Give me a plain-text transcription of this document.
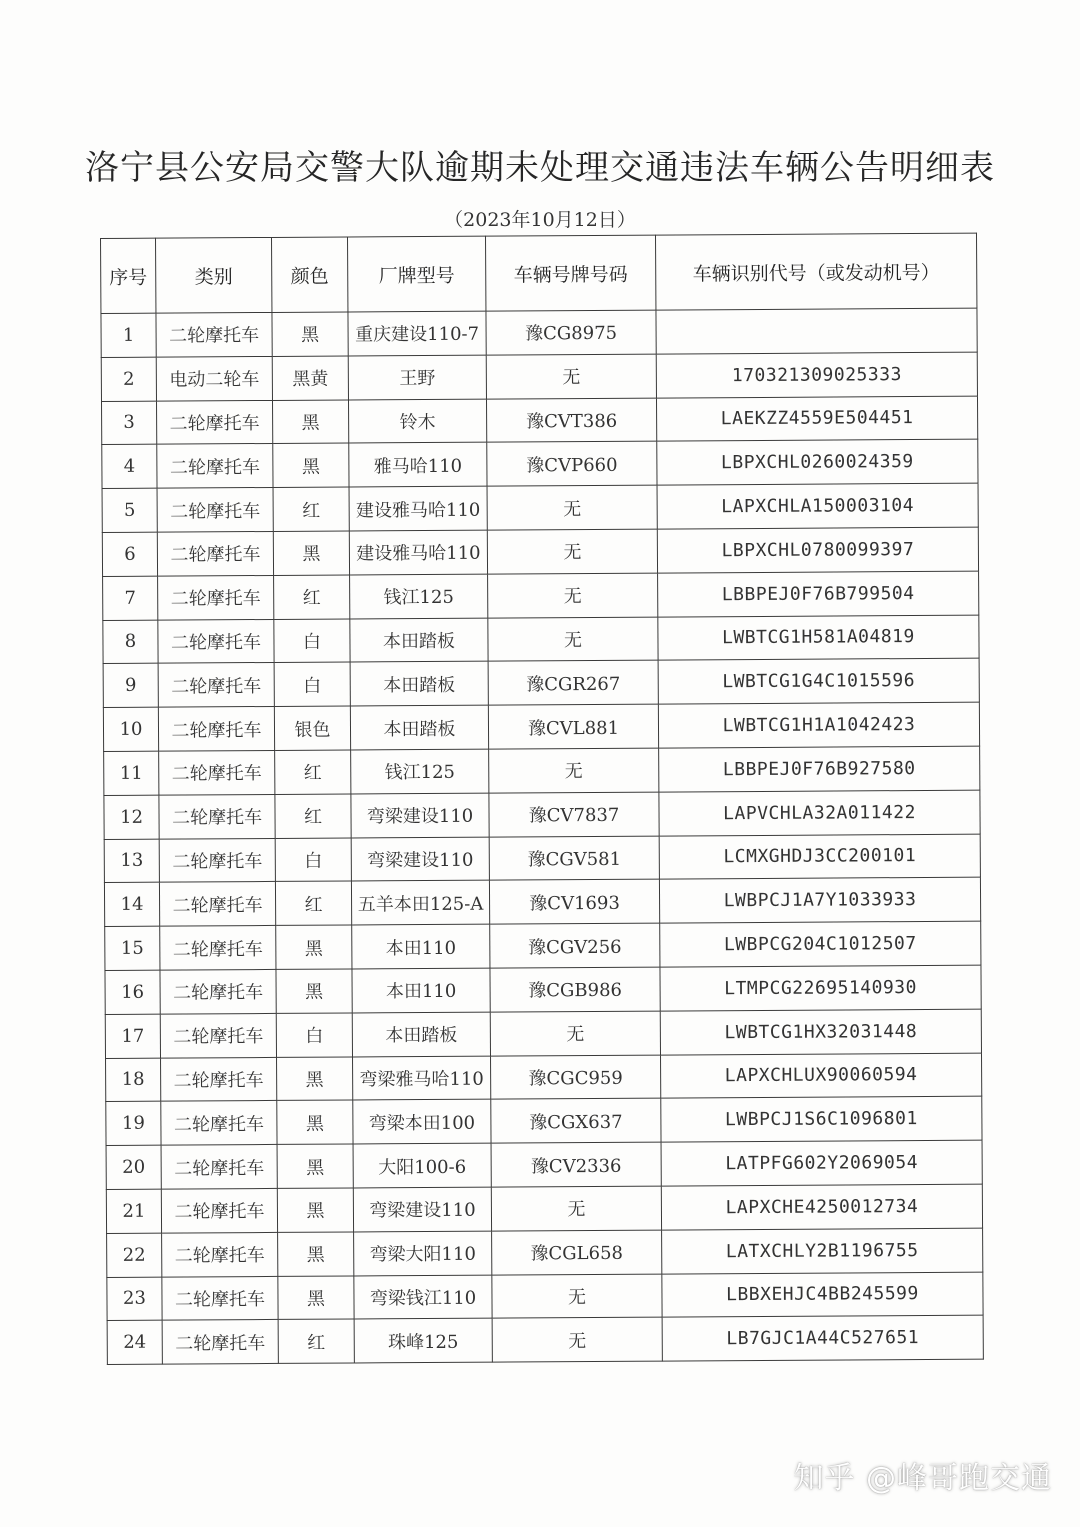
洛宁县公安局交警大队逾期未处理交通违法车辆公告明细表
（2023年10月12日）
序号	类别	颜色	厂牌型号	车辆号牌号码	车辆识别代号（或发动机号）
1	二轮摩托车	黑	重庆建设110-7	豫CG8975	
2	电动二轮车	黑黄	王野	无	170321309025333
3	二轮摩托车	黑	铃木	豫CVT386	LAEKZZ4559E504451
4	二轮摩托车	黑	雅马哈110	豫CVP660	LBPXCHL0260024359
5	二轮摩托车	红	建设雅马哈110	无	LAPXCHLA150003104
6	二轮摩托车	黑	建设雅马哈110	无	LBPXCHL0780099397
7	二轮摩托车	红	钱江125	无	LBBPEJ0F76B799504
8	二轮摩托车	白	本田踏板	无	LWBTCG1H581A04819
9	二轮摩托车	白	本田踏板	豫CGR267	LWBTCG1G4C1015596
10	二轮摩托车	银色	本田踏板	豫CVL881	LWBTCG1H1A1042423
11	二轮摩托车	红	钱江125	无	LBBPEJ0F76B927580
12	二轮摩托车	红	弯梁建设110	豫CV7837	LAPVCHLA32A011422
13	二轮摩托车	白	弯梁建设110	豫CGV581	LCMXGHDJ3CC200101
14	二轮摩托车	红	五羊本田125-A	豫CV1693	LWBPCJ1A7Y1033933
15	二轮摩托车	黑	本田110	豫CGV256	LWBPCG204C1012507
16	二轮摩托车	黑	本田110	豫CGB986	LTMPCG22695140930
17	二轮摩托车	白	本田踏板	无	LWBTCG1HX32031448
18	二轮摩托车	黑	弯梁雅马哈110	豫CGC959	LAPXCHLUX90060594
19	二轮摩托车	黑	弯梁本田100	豫CGX637	LWBPCJ1S6C1096801
20	二轮摩托车	黑	大阳100-6	豫CV2336	LATPFG602Y2069054
21	二轮摩托车	黑	弯梁建设110	无	LAPXCHE4250012734
22	二轮摩托车	黑	弯梁大阳110	豫CGL658	LATXCHLY2B1196755
23	二轮摩托车	黑	弯梁钱江110	无	LBBXEHJC4BB245599
24	二轮摩托车	红	珠峰125	无	LB7GJC1A44C527651
知乎 @峰哥跑交通
